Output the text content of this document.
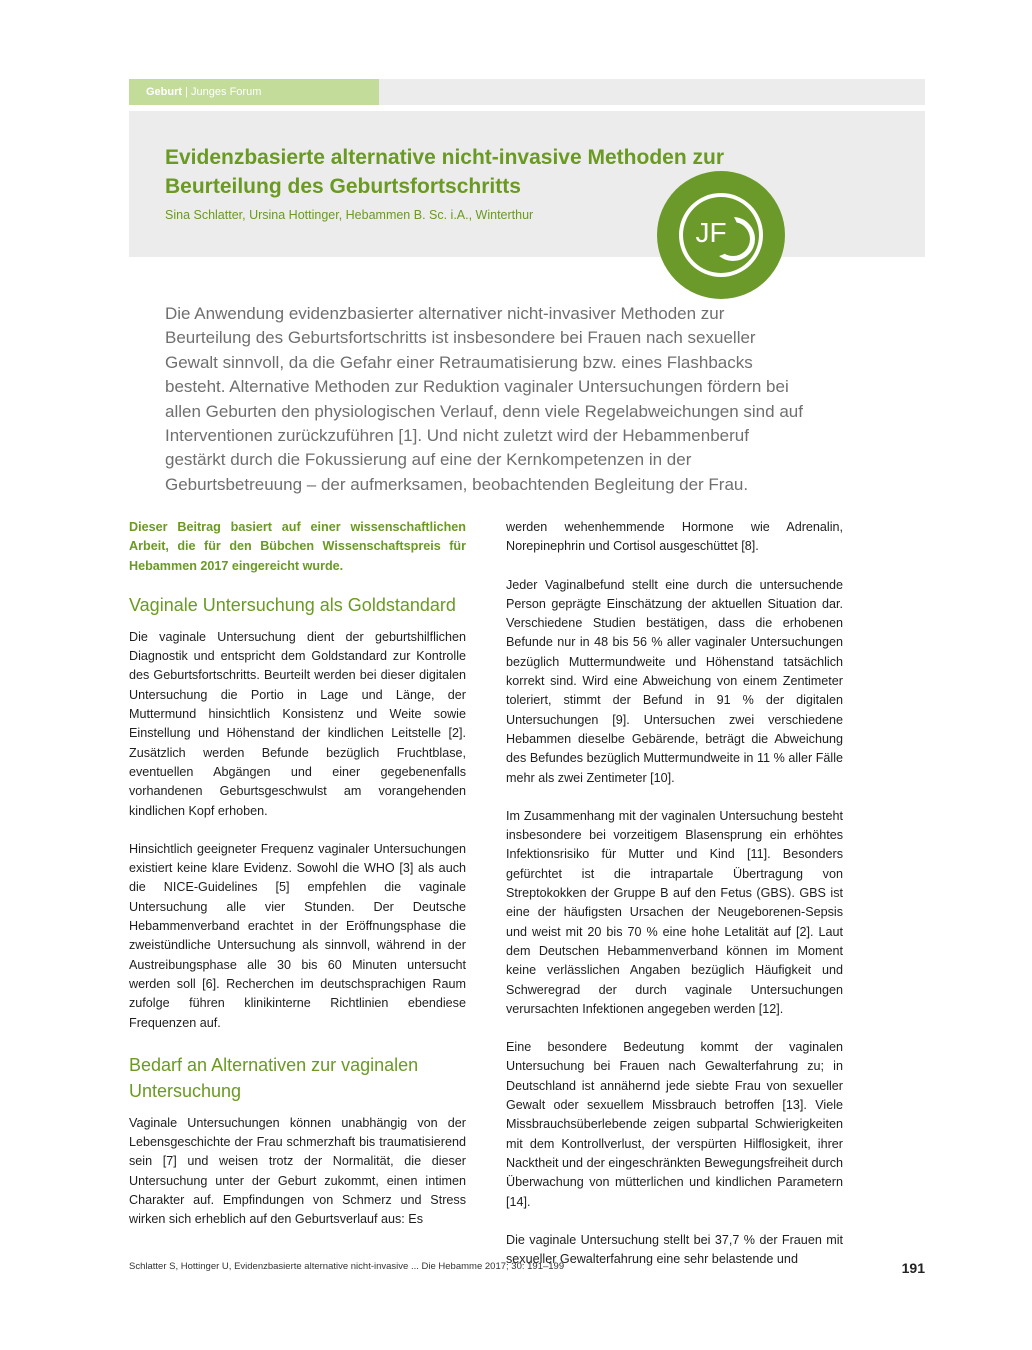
Geburt | Junges Forum
Evidenzbasierte alternative nicht-invasive Methoden zur Beurteilung des Geburtsfortschritts
Sina Schlatter, Ursina Hottinger, Hebammen B. Sc. i.A., Winterthur
JF

Die Anwendung evidenzbasierter alternativer nicht-invasiver Methoden zur Beurteilung des Geburtsfortschritts ist insbesondere bei Frauen nach sexueller Gewalt sinnvoll, da die Gefahr einer Retraumatisierung bzw. eines Flashbacks besteht. Alternative Methoden zur Reduktion vaginaler Untersuchungen fördern bei allen Geburten den physiologischen Verlauf, denn viele Regelabweichungen sind auf Interventionen zurückzuführen [1]. Und nicht zuletzt wird der Hebammenberuf gestärkt durch die Fokussierung auf eine der Kernkompetenzen in der Geburtsbetreuung – der aufmerksamen, beobachtenden Begleitung der Frau.

Dieser Beitrag basiert auf einer wissenschaftlichen Arbeit, die für den Bübchen Wissenschaftspreis für Hebammen 2017 eingereicht wurde.

Vaginale Untersuchung als Goldstandard

Die vaginale Untersuchung dient der geburtshilflichen Diagnostik und entspricht dem Goldstandard zur Kontrolle des Geburtsfortschritts. Beurteilt werden bei dieser digitalen Untersuchung die Portio in Lage und Länge, der Muttermund hinsichtlich Konsistenz und Weite sowie Einstellung und Höhenstand der kindlichen Leitstelle [2]. Zusätzlich werden Befunde bezüglich Fruchtblase, eventuellen Abgängen und einer gegebenenfalls vorhandenen Geburtsgeschwulst am vorangehenden kindlichen Kopf erhoben.

Hinsichtlich geeigneter Frequenz vaginaler Untersuchungen existiert keine klare Evidenz. Sowohl die WHO [3] als auch die NICE-Guidelines [5] empfehlen die vaginale Untersuchung alle vier Stunden. Der Deutsche Hebammenverband erachtet in der Eröffnungsphase die zweistündliche Untersuchung als sinnvoll, während in der Austreibungsphase alle 30 bis 60 Minuten untersucht werden soll [6]. Recherchen im deutschsprachigen Raum zufolge führen klinikinterne Richtlinien ebendiese Frequenzen auf.

Bedarf an Alternativen zur vaginalen Untersuchung

Vaginale Untersuchungen können unabhängig von der Lebensgeschichte der Frau schmerzhaft bis traumatisierend sein [7] und weisen trotz der Normalität, die dieser Untersuchung unter der Geburt zukommt, einen intimen Charakter auf. Empfindungen von Schmerz und Stress wirken sich erheblich auf den Geburtsverlauf aus: Es

werden wehenhemmende Hormone wie Adrenalin, Norepinephrin und Cortisol ausgeschüttet [8].

Jeder Vaginalbefund stellt eine durch die untersuchende Person geprägte Einschätzung der aktuellen Situation dar. Verschiedene Studien bestätigen, dass die erhobenen Befunde nur in 48 bis 56 % aller vaginaler Untersuchungen bezüglich Muttermundweite und Höhenstand tatsächlich korrekt sind. Wird eine Abweichung von einem Zentimeter toleriert, stimmt der Befund in 91 % der digitalen Untersuchungen [9]. Untersuchen zwei verschiedene Hebammen dieselbe Gebärende, beträgt die Abweichung des Befundes bezüglich Muttermundweite in 11 % aller Fälle mehr als zwei Zentimeter [10].

Im Zusammenhang mit der vaginalen Untersuchung besteht insbesondere bei vorzeitigem Blasensprung ein erhöhtes Infektionsrisiko für Mutter und Kind [11]. Besonders gefürchtet ist die intrapartale Übertragung von Streptokokken der Gruppe B auf den Fetus (GBS). GBS ist eine der häufigsten Ursachen der Neugeborenen-Sepsis und weist mit 20 bis 70 % eine hohe Letalität auf [2]. Laut dem Deutschen Hebammenverband können im Moment keine verlässlichen Angaben bezüglich Häufigkeit und Schweregrad der durch vaginale Untersuchungen verursachten Infektionen angegeben werden [12].

Eine besondere Bedeutung kommt der vaginalen Untersuchung bei Frauen nach Gewalterfahrung zu; in Deutschland ist annähernd jede siebte Frau von sexueller Gewalt oder sexuellem Missbrauch betroffen [13]. Viele Missbrauchsüberlebende zeigen subpartal Schwierigkeiten mit dem Kontrollverlust, der verspürten Hilflosigkeit, ihrer Nacktheit und der eingeschränkten Bewegungsfreiheit durch Überwachung von mütterlichen und kindlichen Parametern [14].

Die vaginale Untersuchung stellt bei 37,7 % der Frauen mit sexueller Gewalterfahrung eine sehr belastende und

Schlatter S, Hottinger U, Evidenzbasierte alternative nicht-invasive ... Die Hebamme 2017; 30: 191–199	191
